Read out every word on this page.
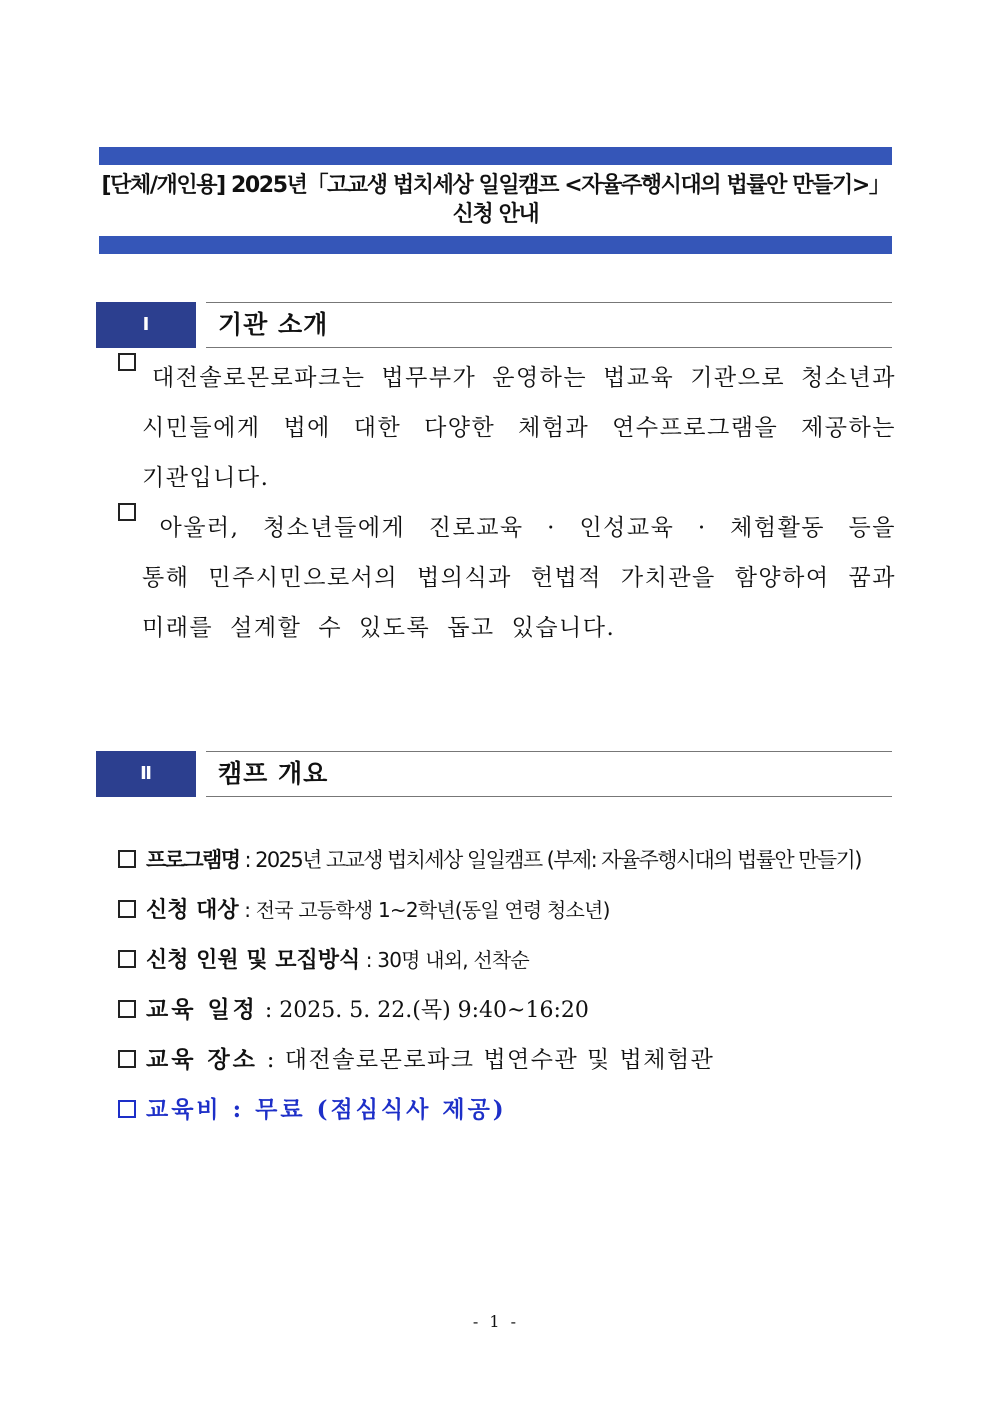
[단체/개인용] 2025년「고교생 법치세상 일일캠프 <자율주행시대의 법률안 만들기>」
신청 안내
Ⅰ	기관 소개
대전솔로몬로파크는 법무부가 운영하는 법교육 기관으로 청소년과
시민들에게 법에 대한 다양한 체험과 연수프로그램을 제공하는
기관입니다.
아울러, 청소년들에게 진로교육 · 인성교육 · 체험활동 등을
통해 민주시민으로서의 법의식과 헌법적 가치관을 함양하여 꿈과
미래를 설계할 수 있도록 돕고 있습니다.
Ⅱ	캠프 개요
프로그램명 : 2025년 고교생 법치세상 일일캠프 (부제: 자율주행시대의 법률안 만들기)
신청 대상 : 전국 고등학생 1~2학년(동일 연령 청소년)
신청 인원 및 모집방식 : 30명 내외, 선착순
교육 일정 : 2025. 5. 22.(목) 9:40~16:20
교육 장소 : 대전솔로몬로파크 법연수관 및 법체험관
교육비 : 무료 (점심식사 제공)
- 1 -
